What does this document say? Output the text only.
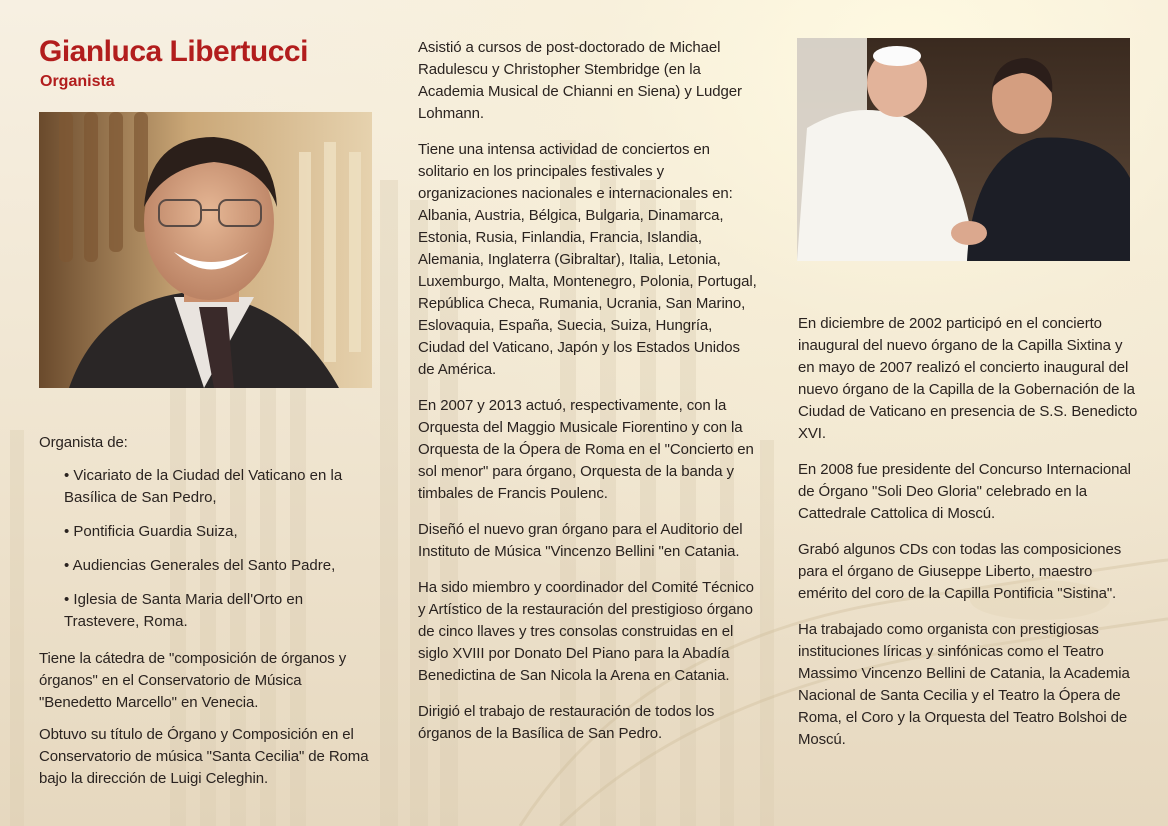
Gianluca Libertucci
Organista

Organista de:

• Vicariato de la Ciudad del Vaticano en la Basílica de San Pedro,
• Pontificia Guardia Suiza,
• Audiencias Generales del Santo Padre,
• Iglesia de Santa Maria dell'Orto en Trastevere, Roma.

Tiene la cátedra de "composición de órganos y órganos" en el Conservatorio de Música "Benedetto Marcello" en Venecia.

Obtuvo su título de Órgano y Composición en el Conservatorio de música "Santa Cecilia" de Roma bajo la dirección de Luigi Celeghin.

Asistió a cursos de post-doctorado de Michael Radulescu y Christopher Stembridge (en la Academia Musical de Chianni en Siena) y Ludger Lohmann.

Tiene una intensa actividad de conciertos en solitario en los principales festivales y organizaciones nacionales e internacionales en: Albania, Austria, Bélgica, Bulgaria, Dinamarca, Estonia, Rusia, Finlandia, Francia, Islandia, Alemania, Inglaterra (Gibraltar), Italia, Letonia, Luxemburgo, Malta, Montenegro, Polonia, Portugal, República Checa, Rumania, Ucrania, San Marino, Eslovaquia, España, Suecia, Suiza, Hungría, Ciudad del Vaticano, Japón y los Estados Unidos de América.

En 2007 y 2013 actuó, respectivamente, con la Orquesta del Maggio Musicale Fiorentino y con la Orquesta de la Ópera de Roma en el "Concierto en sol menor" para órgano, Orquesta de la banda y timbales de Francis Poulenc.

Diseñó el nuevo gran órgano para el Auditorio del Instituto de Música "Vincenzo Bellini "en Catania.

Ha sido miembro y coordinador del Comité Técnico y Artístico de la restauración del prestigioso órgano de cinco llaves y tres consolas construidas en el siglo XVIII por Donato Del Piano para la Abadía Benedictina de San Nicola la Arena en Catania.

Dirigió el trabajo de restauración de todos los órganos de la Basílica de San Pedro.

En diciembre de 2002 participó en el concierto inaugural del nuevo órgano de la Capilla Sixtina y en mayo de 2007 realizó el concierto inaugural del nuevo órgano de la Capilla de la Gobernación de la Ciudad de Vaticano en presencia de S.S. Benedicto XVI.

En 2008 fue presidente del Concurso Internacional de Órgano "Soli Deo Gloria" celebrado en la Cattedrale Cattolica di Moscú.

Grabó algunos CDs con todas las composiciones para el órgano de Giuseppe Liberto, maestro emérito del coro de la Capilla Pontificia "Sistina".

Ha trabajado como organista con prestigiosas instituciones líricas y sinfónicas como el Teatro Massimo Vincenzo Bellini de Catania, la Academia Nacional de Santa Cecilia y el Teatro la Ópera de Roma, el Coro y la Orquesta del Teatro Bolshoi de Moscú.
